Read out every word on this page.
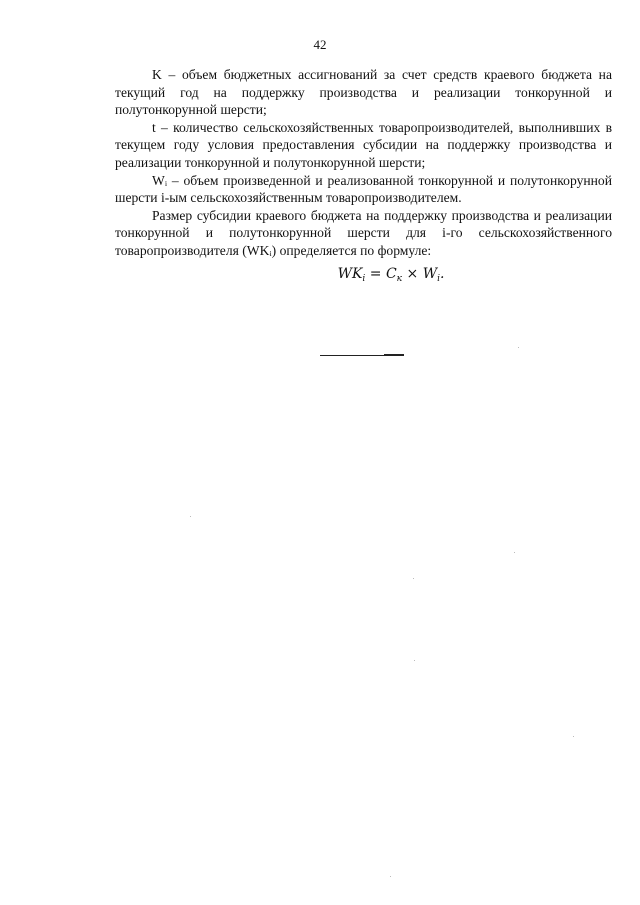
42

K – объем бюджетных ассигнований за счет средств краевого бюджета на текущий год на поддержку производства и реализации тонкорунной и полутонкорунной шерсти;

t – количество сельскохозяйственных товаропроизводителей, выполнивших в текущем году условия предоставления субсидии на поддержку производства и реализации тонкорунной и полутонкорунной шерсти;

Wᵢ – объем произведенной и реализованной тонкорунной и полутонкорунной шерсти i-ым сельскохозяйственным товаропроизводителем.

Размер субсидии краевого бюджета на поддержку производства и реализации тонкорунной и полутонкорунной шерсти для i-го сельскохозяйственного товаропроизводителя (WKᵢ) определяется по формуле:

$WK_i = C_к \times W_i$.
